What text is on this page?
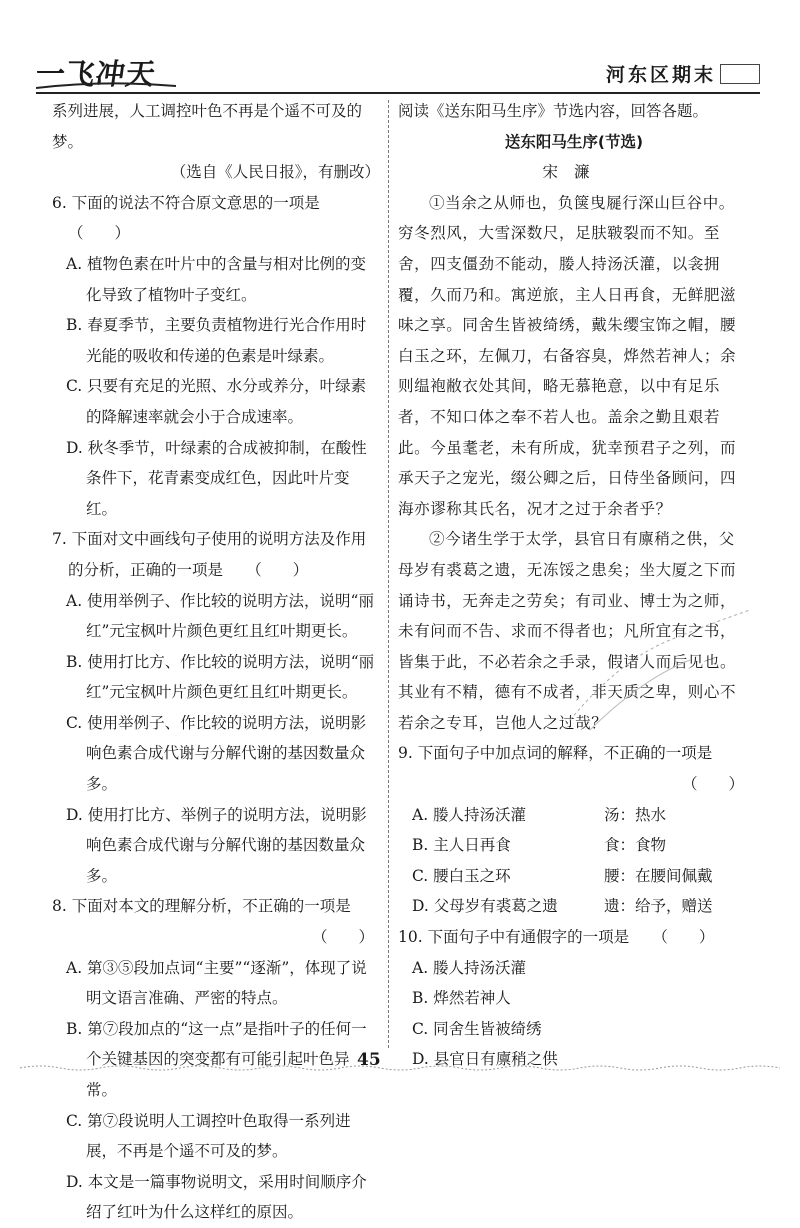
一飞冲天	河东区期末

系列进展，人工调控叶色不再是个遥不可及的梦。

（选自《人民日报》，有删改）

6. 下面的说法不符合原文意思的一项是（　　）

A. 植物色素在叶片中的含量与相对比例的变化导致了植物叶子变红。

B. 春夏季节，主要负责植物进行光合作用时光能的吸收和传递的色素是叶绿素。

C. 只要有充足的光照、水分或养分，叶绿素的降解速率就会小于合成速率。

D. 秋冬季节，叶绿素的合成被抑制，在酸性条件下，花青素变成红色，因此叶片变红。

7. 下面对文中画线句子使用的说明方法及作用的分析，正确的一项是　　 （　　）

A. 使用举例子、作比较的说明方法，说明“丽红”元宝枫叶片颜色更红且红叶期更长。

B. 使用打比方、作比较的说明方法，说明“丽红”元宝枫叶片颜色更红且红叶期更长。

C. 使用举例子、作比较的说明方法，说明影响色素合成代谢与分解代谢的基因数量众多。

D. 使用打比方、举例子的说明方法，说明影响色素合成代谢与分解代谢的基因数量众多。

8. 下面对本文的理解分析，不正确的一项是

（　　）

A. 第③⑤段加点词“主要”“逐渐”，体现了说明文语言准确、严密的特点。

B. 第⑦段加点的“这一点”是指叶子的任何一个关键基因的突变都有可能引起叶色异常。

C. 第⑦段说明人工调控叶色取得一系列进展，不再是个遥不可及的梦。

D. 本文是一篇事物说明文，采用时间顺序介绍了红叶为什么这样红的原因。

阅读《送东阳马生序》节选内容，回答各题。

送东阳马生序(节选)

宋濂

①当余之从师也，负箧曳屣行深山巨谷中。穷冬烈风，大雪深数尺，足肤皲裂而不知。至舍，四支僵劲不能动，媵人持汤沃灌，以衾拥覆，久而乃和。寓逆旅，主人日再食，无鲜肥滋味之享。同舍生皆被绮绣，戴朱缨宝饰之帽，腰白玉之环，左佩刀，右备容臭，烨然若神人；余则缊袍敝衣处其间，略无慕艳意，以中有足乐者，不知口体之奉不若人也。盖余之勤且艰若此。今虽耄老，未有所成，犹幸预君子之列，而承天子之宠光，缀公卿之后，日侍坐备顾问，四海亦谬称其氏名，况才之过于余者乎？

②今诸生学于太学，县官日有廪稍之供，父母岁有裘葛之遗，无冻馁之患矣；坐大厦之下而诵诗书，无奔走之劳矣；有司业、博士为之师，未有问而不告、求而不得者也；凡所宜有之书，皆集于此，不必若余之手录，假诸人而后见也。其业有不精，德有不成者，非天质之卑，则心不若余之专耳，岂他人之过哉？

9. 下面句子中加点词的解释，不正确的一项是

（　　）

A. 媵人持汤沃灌	汤：热水
B. 主人日再食	食：食物
C. 腰白玉之环	腰：在腰间佩戴
D. 父母岁有裘葛之遗	遗：给予，赠送

10. 下面句子中有通假字的一项是　　 （　　）

A. 媵人持汤沃灌

B. 烨然若神人

C. 同舍生皆被绮绣

D. 县官日有廪稍之供

45
